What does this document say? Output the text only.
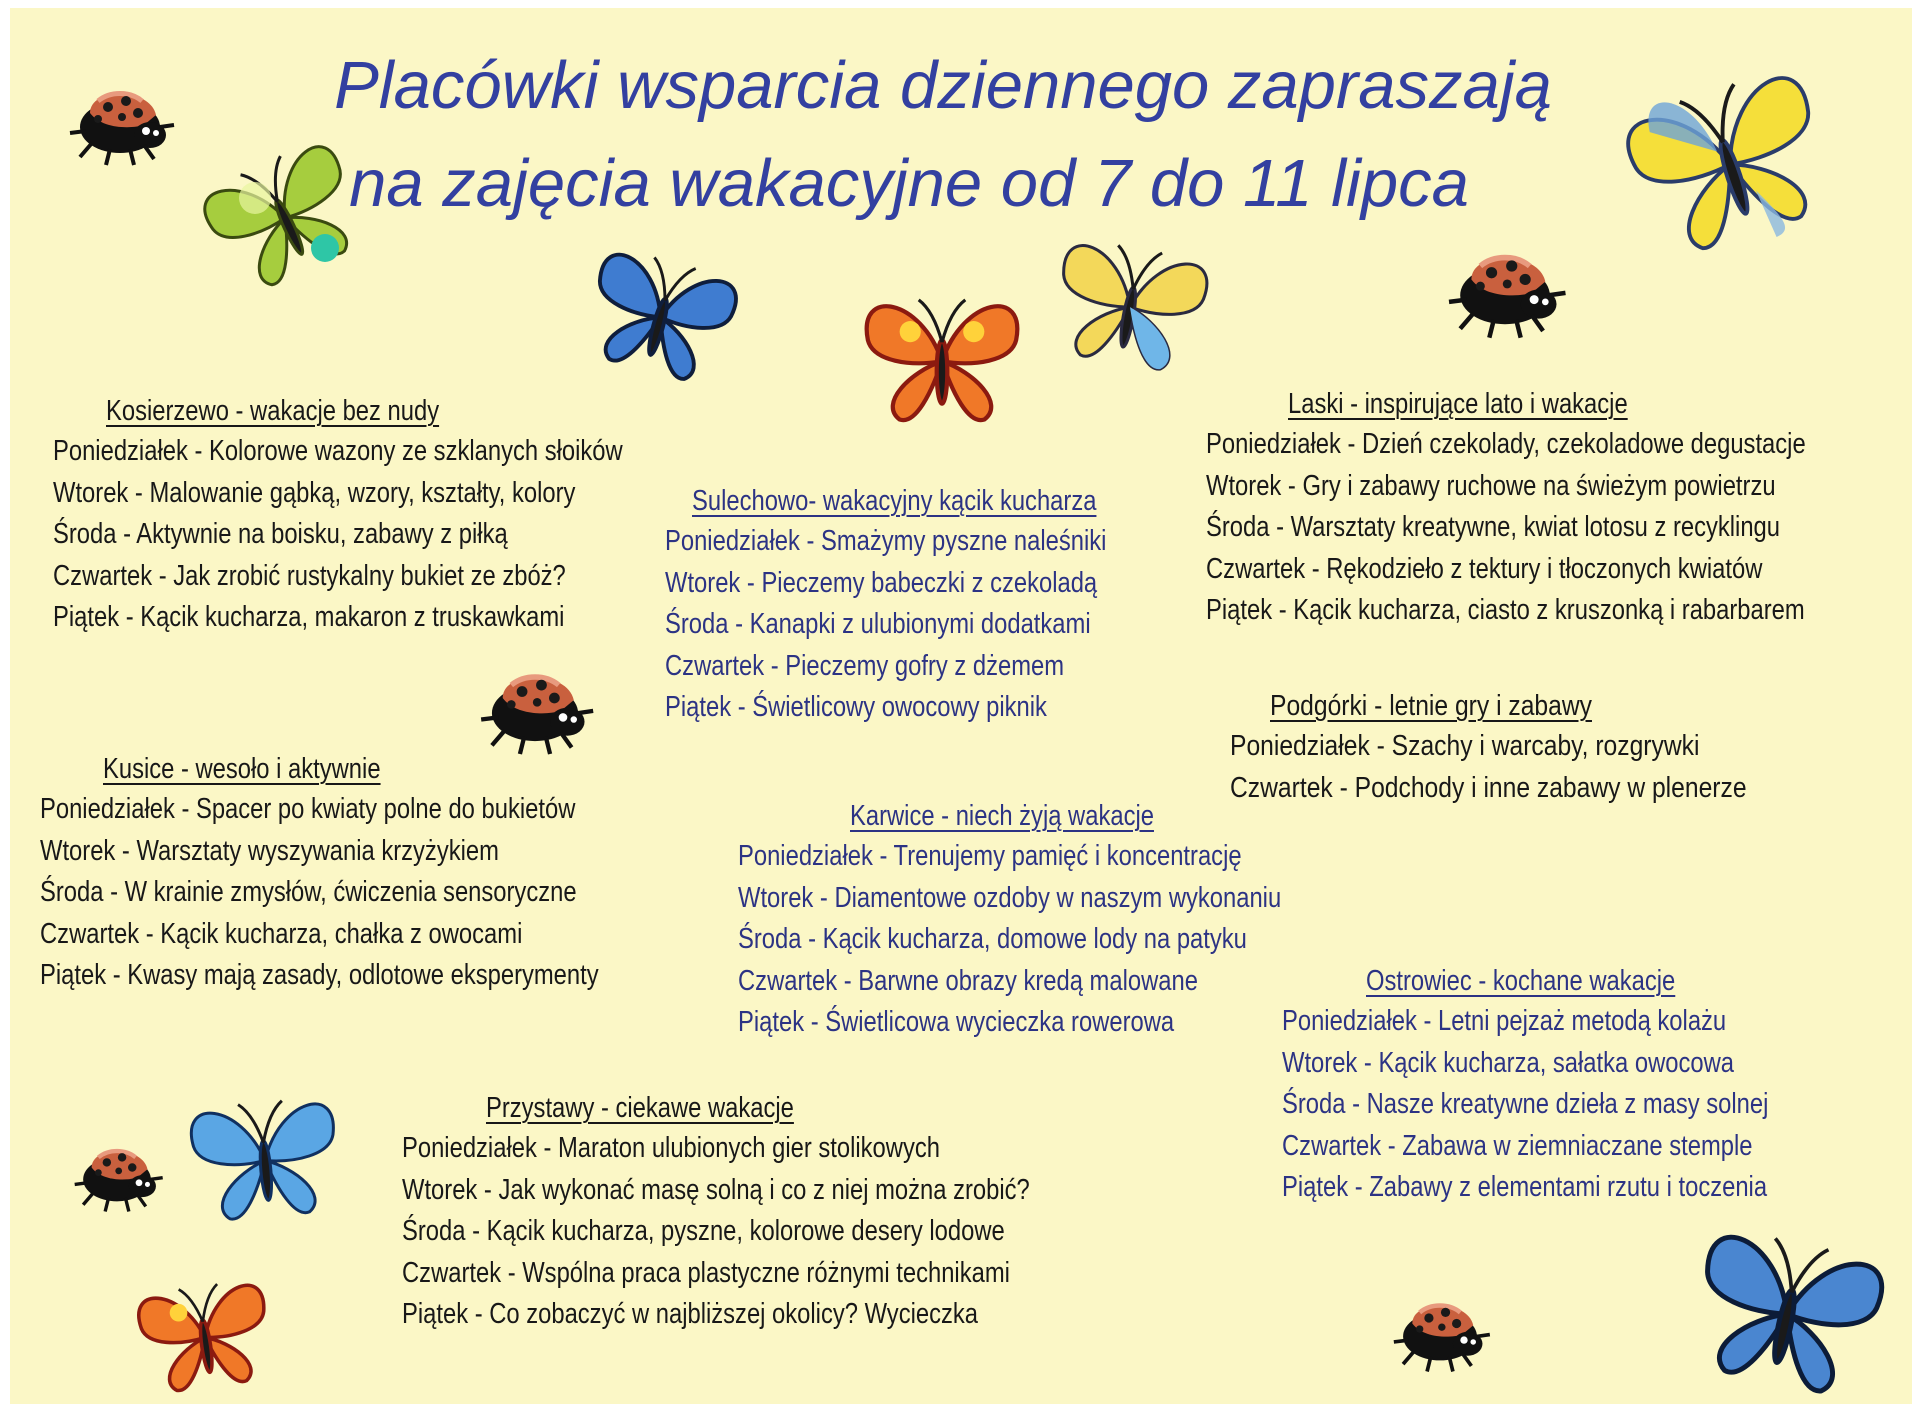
Placówki wsparcia dziennego zapraszają
na zajęcia wakacyjne od 7 do 11 lipca
Kosierzewo - wakacje bez nudy
Poniedziałek - Kolorowe wazony ze szklanych słoików
Wtorek - Malowanie gąbką, wzory, kształty, kolory
Środa - Aktywnie na boisku, zabawy z piłką
Czwartek - Jak zrobić rustykalny bukiet ze zbóż?
Piątek - Kącik kucharza, makaron z truskawkami
Sulechowo- wakacyjny kącik kucharza
Poniedziałek - Smażymy pyszne naleśniki
Wtorek - Pieczemy babeczki z czekoladą
Środa - Kanapki z ulubionymi dodatkami
Czwartek - Pieczemy gofry z dżemem
Piątek - Świetlicowy owocowy piknik
Laski - inspirujące lato i wakacje
Poniedziałek - Dzień czekolady, czekoladowe degustacje
Wtorek - Gry i zabawy ruchowe na świeżym powietrzu
Środa - Warsztaty kreatywne, kwiat lotosu z recyklingu
Czwartek - Rękodzieło z tektury i tłoczonych kwiatów
Piątek - Kącik kucharza, ciasto z kruszonką i rabarbarem
Podgórki - letnie gry i zabawy
Poniedziałek - Szachy i warcaby, rozgrywki
Czwartek - Podchody i inne zabawy w plenerze
Kusice - wesoło i aktywnie
Poniedziałek - Spacer po kwiaty polne do bukietów
Wtorek - Warsztaty wyszywania krzyżykiem
Środa - W krainie zmysłów, ćwiczenia sensoryczne
Czwartek - Kącik kucharza, chałka z owocami
Piątek - Kwasy mają zasady, odlotowe eksperymenty
Karwice - niech żyją wakacje
Poniedziałek - Trenujemy pamięć i koncentrację
Wtorek - Diamentowe ozdoby w naszym wykonaniu
Środa - Kącik kucharza, domowe lody na patyku
Czwartek - Barwne obrazy kredą malowane
Piątek - Świetlicowa wycieczka rowerowa
Ostrowiec - kochane wakacje
Poniedziałek - Letni pejzaż metodą kolażu
Wtorek - Kącik kucharza, sałatka owocowa
Środa - Nasze kreatywne dzieła z masy solnej
Czwartek - Zabawa w ziemniaczane stemple
Piątek - Zabawy z elementami rzutu i toczenia
Przystawy - ciekawe wakacje
Poniedziałek - Maraton ulubionych gier stolikowych
Wtorek - Jak wykonać masę solną i co z niej można zrobić?
Środa - Kącik kucharza, pyszne, kolorowe desery lodowe
Czwartek - Wspólna praca plastyczne różnymi technikami
Piątek - Co zobaczyć w najbliższej okolicy? Wycieczka
